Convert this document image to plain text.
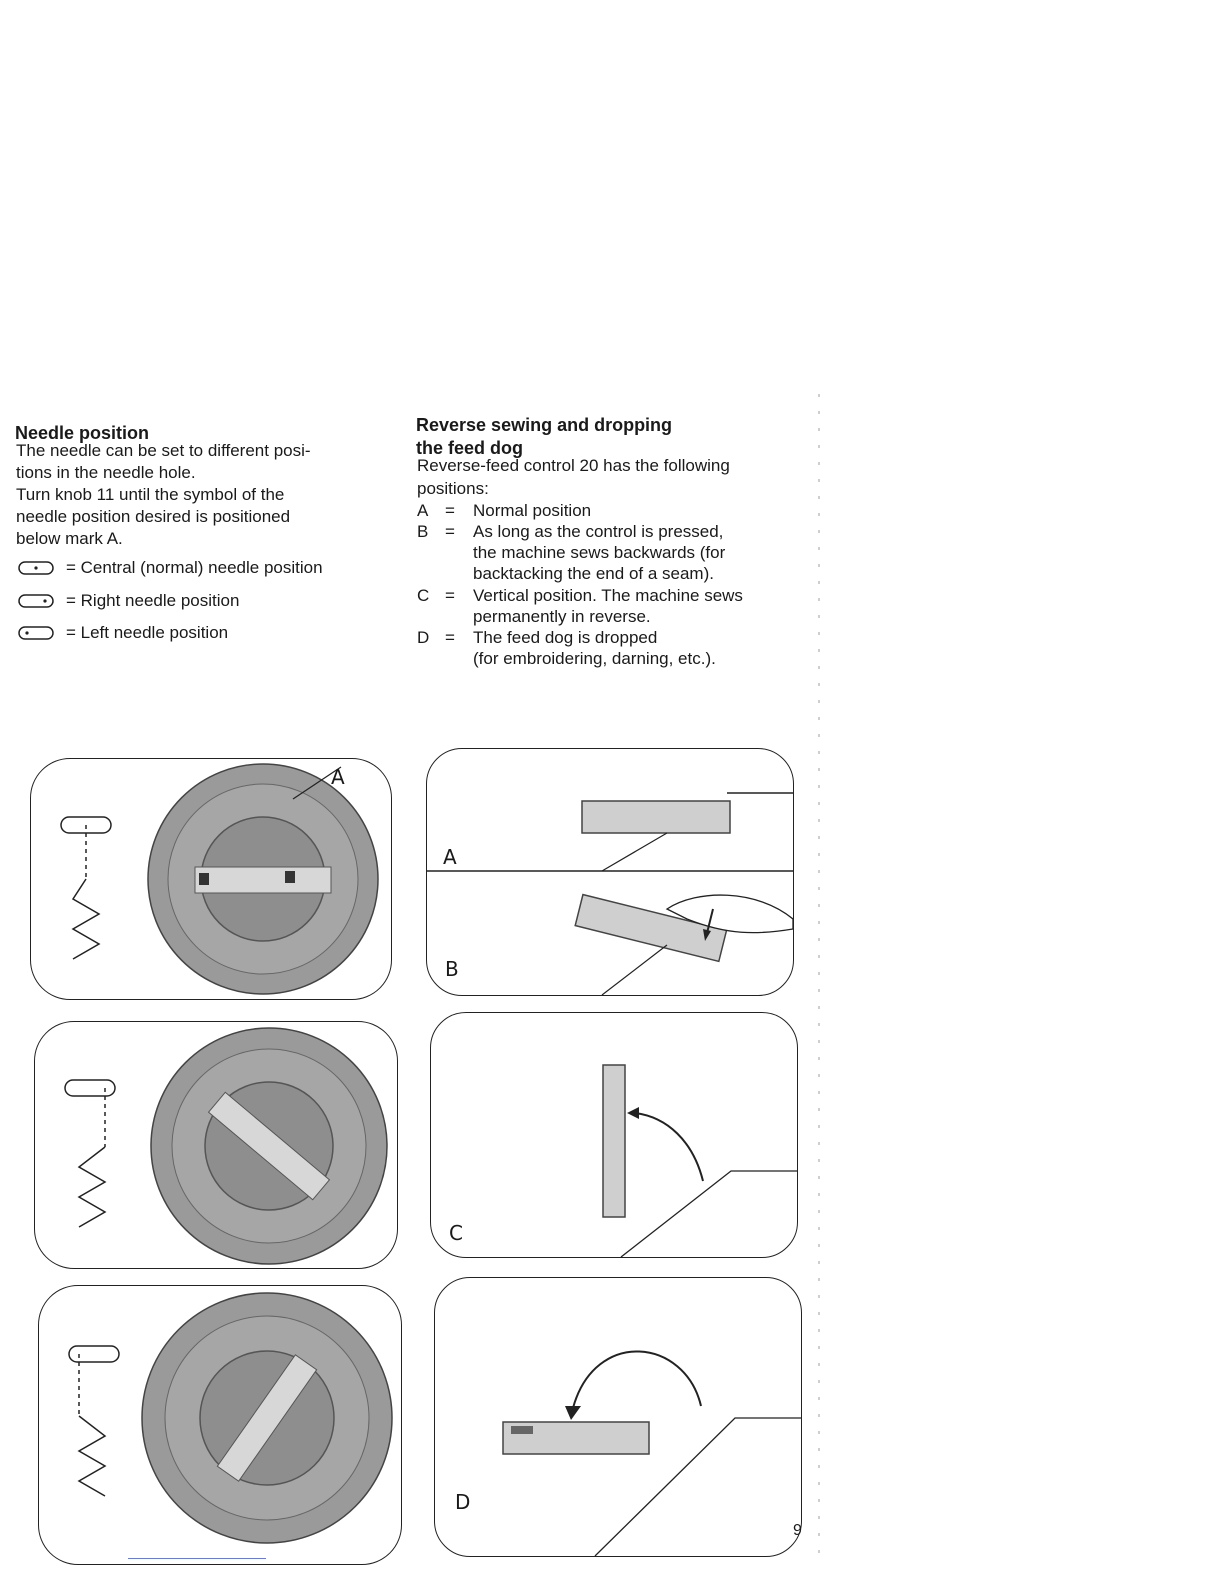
Needle position
The needle can be set to different posi-
tions in the needle hole.
Turn knob 11 until the symbol of the
needle position desired is positioned
below mark A.
= Central (normal) needle position
= Right needle position
= Left needle position
Reverse sewing and dropping
the feed dog
Reverse-feed control 20 has the following
positions:
A = Normal position
B = As long as the control is pressed,
the machine sews backwards (for
backtacking the end of a seam).
C = Vertical position. The machine sews
permanently in reverse.
D = The feed dog is dropped
(for embroidering, darning, etc.).
A
A
B
C
D
9
